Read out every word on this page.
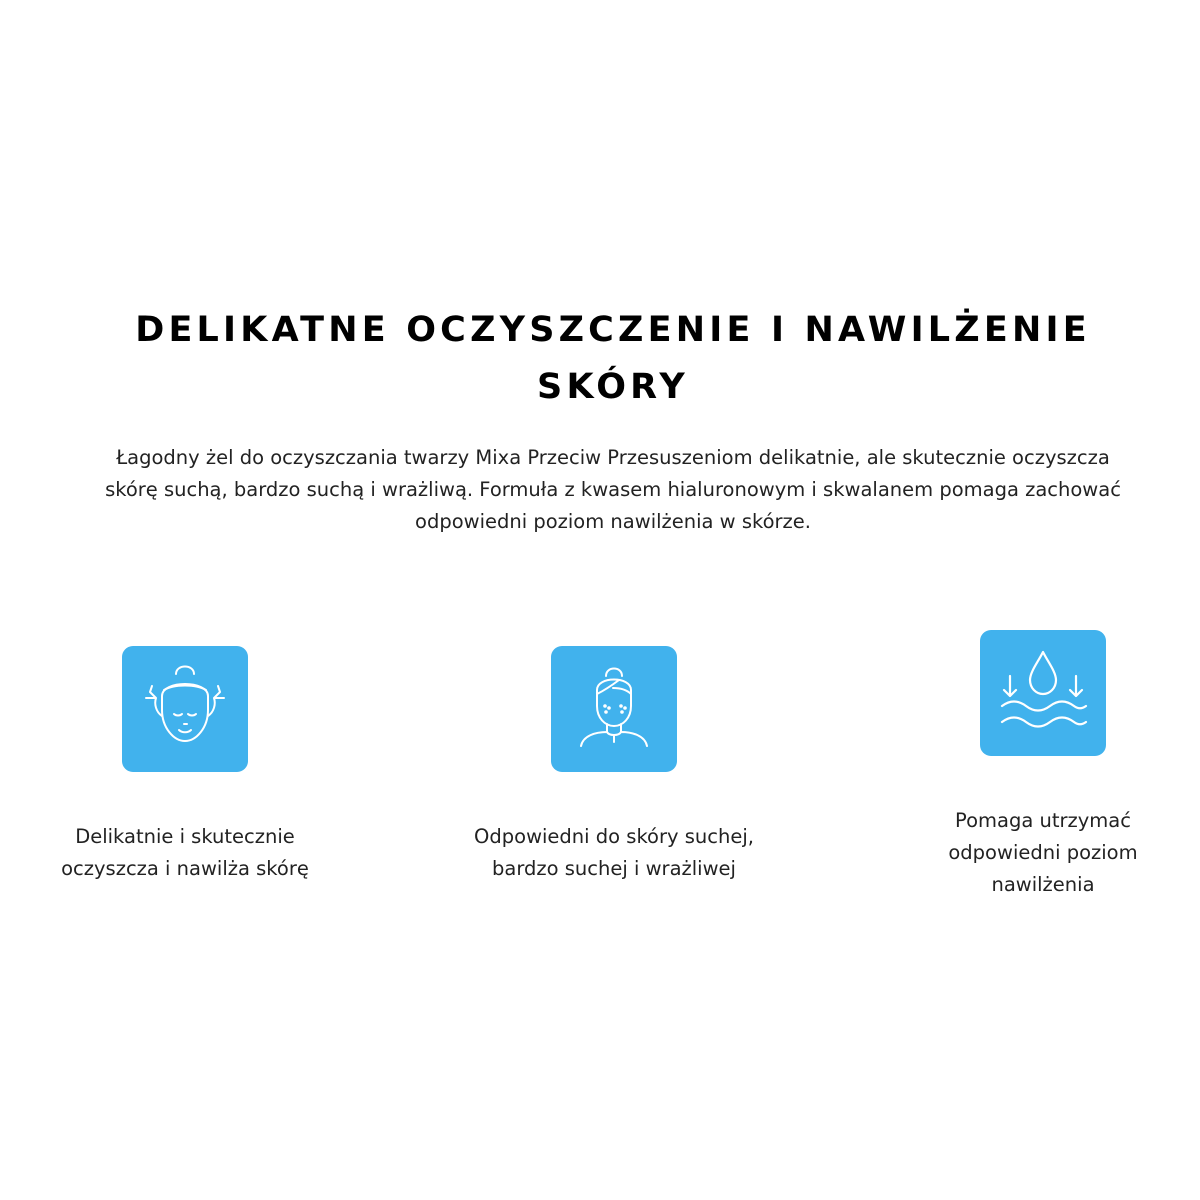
DELIKATNE OCZYSZCZENIE I NAWILŻENIE
SKÓRY

Łagodny żel do oczyszczania twarzy Mixa Przeciw Przesuszeniom delikatnie, ale skutecznie oczyszcza
skórę suchą, bardzo suchą i wrażliwą. Formuła z kwasem hialuronowym i skwalanem pomaga zachować
odpowiedni poziom nawilżenia w skórze.

Delikatnie i skutecznie
oczyszcza i nawilża skórę
Odpowiedni do skóry suchej,
bardzo suchej i wrażliwej
Pomaga utrzymać
odpowiedni poziom
nawilżenia
